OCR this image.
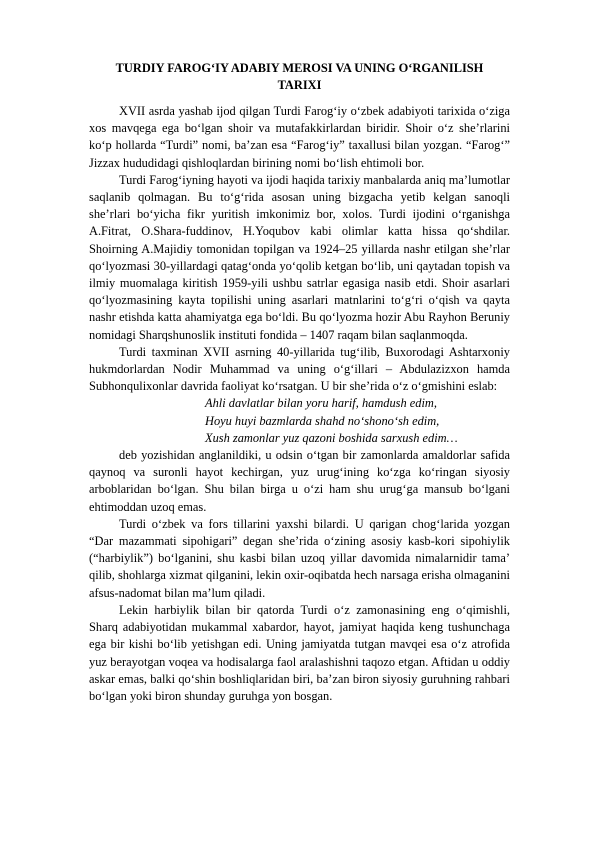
TURDIY FAROG‘IY ADABIY MEROSI VA UNING O‘RGANILISH TARIXI

XVII asrda yashab ijod qilgan Turdi Farog‘iy o‘zbek adabiyoti tarixida o‘ziga xos mavqega ega bo‘lgan shoir va mutafakkirlardan biridir. Shoir o‘z she’rlarini ko‘p hollarda “Turdi” nomi, ba’zan esa “Farog‘iy” taxallusi bilan yozgan. “Farog‘” Jizzax hududidagi qishloqlardan birining nomi bo‘lish ehtimoli bor.

Turdi Farog‘iyning hayoti va ijodi haqida tarixiy manbalarda aniq ma’lumotlar saqlanib qolmagan. Bu to‘g‘rida asosan uning bizgacha yetib kelgan sanoqli she’rlari bo‘yicha fikr yuritish imkonimiz bor, xolos. Turdi ijodini o‘rganishga A.Fitrat, O.Shara-fuddinov, H.Yoqubov kabi olimlar katta hissa qo‘shdilar. Shoirning A.Majidiy tomonidan topilgan va 1924–25 yillarda nashr etilgan she’rlar qo‘lyozmasi 30-yillardagi qatag‘onda yo‘qolib ketgan bo‘lib, uni qaytadan topish va ilmiy muomalaga kiritish 1959-yili ushbu satrlar egasiga nasib etdi. Shoir asarlari qo‘lyozmasining kayta topilishi uning asarlari matnlarini to‘g‘ri o‘qish va qayta nashr etishda katta ahamiyatga ega bo‘ldi. Bu qo‘lyozma hozir Abu Rayhon Beruniy nomidagi Sharqshunoslik instituti fondida – 1407 raqam bilan saqlanmoqda.

Turdi taxminan XVII asrning 40-yillarida tug‘ilib, Buxorodagi Ashtarxoniy hukmdorlardan Nodir Muhammad va uning o‘g‘illari – Abdulazizxon hamda Subhonqulixonlar davrida faoliyat ko‘rsatgan. U bir she’rida o‘z o‘gmishini eslab:

Ahli davlatlar bilan yoru harif, hamdush edim,

Hoyu huyi bazmlarda shahd no‘shono‘sh edim,

Xush zamonlar yuz qazoni boshida sarxush edim…

deb yozishidan anglanildiki, u odsin o‘tgan bir zamonlarda amaldorlar safida qaynoq va suronli hayot kechirgan, yuz urug‘ining ko‘zga ko‘ringan siyosiy arboblaridan bo‘lgan. Shu bilan birga u o‘zi ham shu urug‘ga mansub bo‘lgani ehtimoddan uzoq emas.

Turdi o‘zbek va fors tillarini yaxshi bilardi. U qarigan chog‘larida yozgan “Dar mazammati sipohigari” degan she’rida o‘zining asosiy kasb-kori sipohiylik (“harbiylik”) bo‘lganini, shu kasbi bilan uzoq yillar davomida nimalarnidir tama’ qilib, shohlarga xizmat qilganini, lekin oxir-oqibatda hech narsaga erisha olmaganini afsus-nadomat bilan ma’lum qiladi.

Lekin harbiylik bilan bir qatorda Turdi o‘z zamonasining eng o‘qimishli, Sharq adabiyotidan mukammal xabardor, hayot, jamiyat haqida keng tushunchaga ega bir kishi bo‘lib yetishgan edi. Uning jamiyatda tutgan mavqei esa o‘z atrofida yuz berayotgan voqea va hodisalarga faol aralashishni taqozo etgan. Aftidan u oddiy askar emas, balki qo‘shin boshliqlaridan biri, ba’zan biron siyosiy guruhning rahbari bo‘lgan yoki biron shunday guruhga yon bosgan.
